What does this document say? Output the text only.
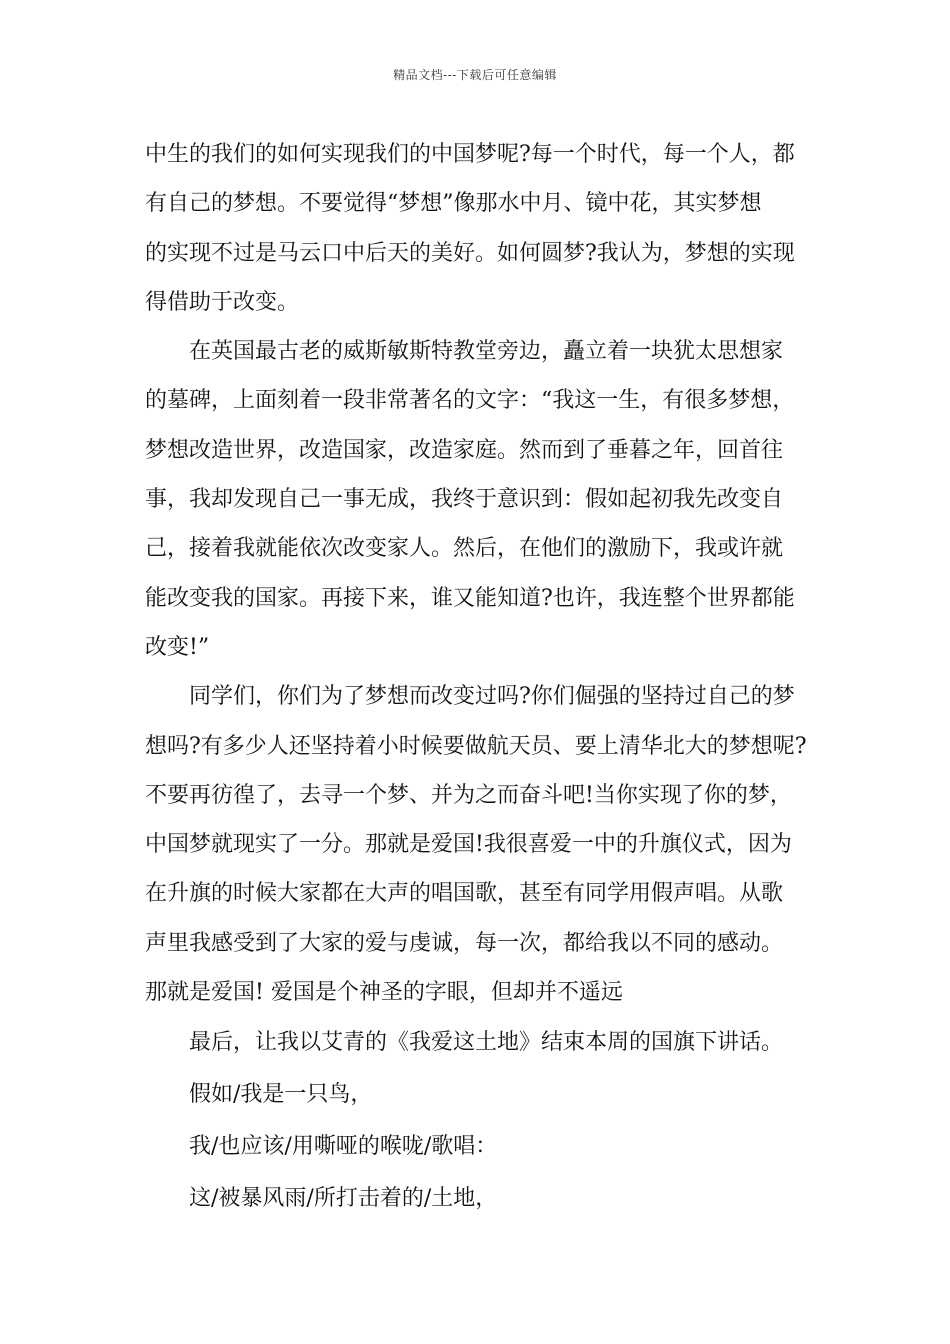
精品文档---下载后可任意编辑

中生的我们的如何实现我们的中国梦呢?每一个时代，每一个人，都
有自己的梦想。不要觉得“梦想”像那水中月、镜中花，其实梦想
的实现不过是马云口中后天的美好。如何圆梦?我认为，梦想的实现
得借助于改变。

在英国最古老的威斯敏斯特教堂旁边，矗立着一块犹太思想家
的墓碑，上面刻着一段非常著名的文字：“我这一生，有很多梦想，
梦想改造世界，改造国家，改造家庭。然而到了垂暮之年，回首往
事，我却发现自己一事无成，我终于意识到：假如起初我先改变自
己，接着我就能依次改变家人。然后，在他们的激励下，我或许就
能改变我的国家。再接下来，谁又能知道?也许，我连整个世界都能
改变!”

同学们，你们为了梦想而改变过吗?你们倔强的坚持过自己的梦
想吗?有多少人还坚持着小时候要做航天员、要上清华北大的梦想呢?
不要再彷徨了，去寻一个梦、并为之而奋斗吧!当你实现了你的梦，
中国梦就现实了一分。那就是爱国!我很喜爱一中的升旗仪式，因为
在升旗的时候大家都在大声的唱国歌，甚至有同学用假声唱。从歌
声里我感受到了大家的爱与虔诚，每一次，都给我以不同的感动。
那就是爱国! 爱国是个神圣的字眼，但却并不遥远

最后，让我以艾青的《我爱这土地》结束本周的国旗下讲话。

假如/我是一只鸟，

我/也应该/用嘶哑的喉咙/歌唱：

这/被暴风雨/所打击着的/土地，
